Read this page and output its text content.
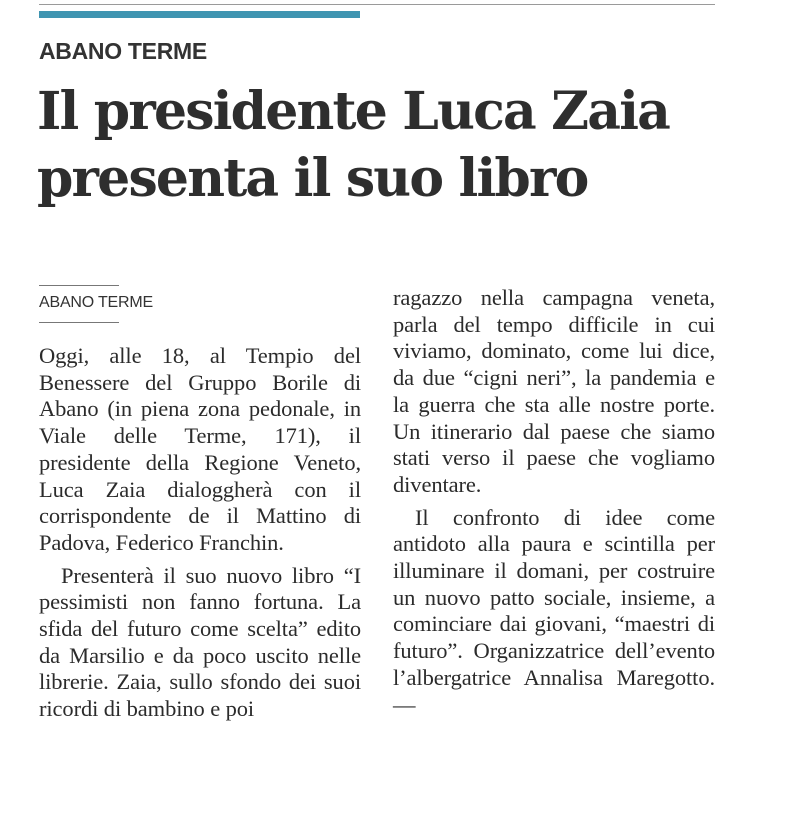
ABANO TERME
Il presidente Luca Zaia presenta il suo libro

ABANO TERME

Oggi, alle 18, al Tempio del Benessere del Gruppo Borile di Abano (in piena zona pedonale, in Viale delle Terme, 171), il presidente della Regione Veneto, Luca Zaia dialoggherà con il corrispondente de il Mattino di Padova, Federico Franchin.

Presenterà il suo nuovo libro “I pessimisti non fanno fortuna. La sfida del futuro come scelta” edito da Marsilio e da poco uscito nelle librerie. Zaia, sullo sfondo dei suoi ricordi di bambino e poi

ragazzo nella campagna veneta, parla del tempo difficile in cui viviamo, dominato, come lui dice, da due “cigni neri”, la pandemia e la guerra che sta alle nostre porte. Un itinerario dal paese che siamo stati verso il paese che vogliamo diventare.

Il confronto di idee come antidoto alla paura e scintilla per illuminare il domani, per costruire un nuovo patto sociale, insieme, a cominciare dai giovani, “maestri di futuro”. Organizzatrice dell’evento l’albergatrice Annalisa Maregotto. —
